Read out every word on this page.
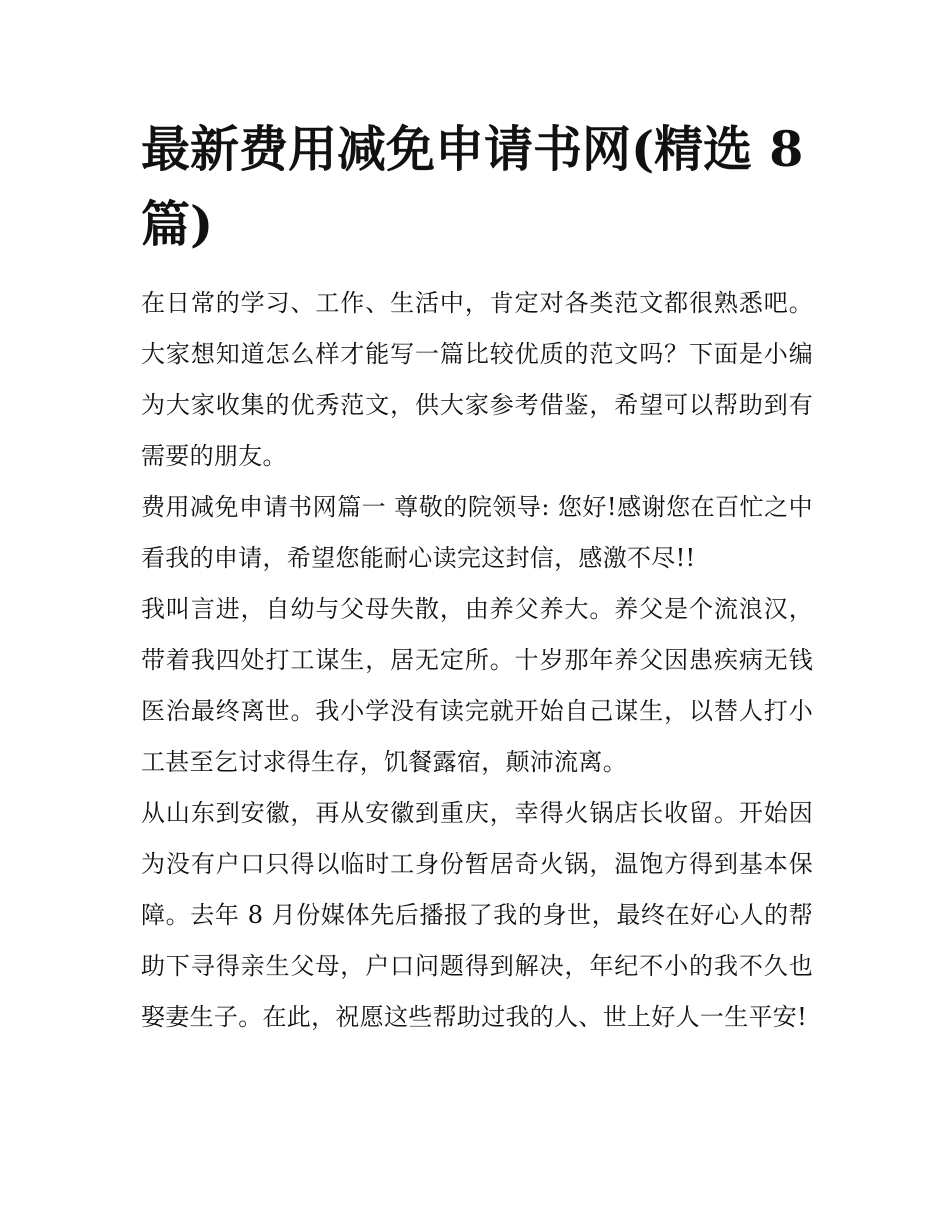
最新费用减免申请书网(精选 8 篇)

在日常的学习、工作、生活中，肯定对各类范文都很熟悉吧。大家想知道怎么样才能写一篇比较优质的范文吗？下面是小编为大家收集的优秀范文，供大家参考借鉴，希望可以帮助到有需要的朋友。

费用减免申请书网篇一 尊敬的院领导: 您好!感谢您在百忙之中看我的申请，希望您能耐心读完这封信，感激不尽!!

我叫言进，自幼与父母失散，由养父养大。养父是个流浪汉，带着我四处打工谋生，居无定所。十岁那年养父因患疾病无钱医治最终离世。我小学没有读完就开始自己谋生，以替人打小工甚至乞讨求得生存，饥餐露宿，颠沛流离。

从山东到安徽，再从安徽到重庆，幸得火锅店长收留。开始因为没有户口只得以临时工身份暂居奇火锅，温饱方得到基本保障。去年 8 月份媒体先后播报了我的身世，最终在好心人的帮助下寻得亲生父母，户口问题得到解决，年纪不小的我不久也娶妻生子。在此，祝愿这些帮助过我的人、世上好人一生平安!
